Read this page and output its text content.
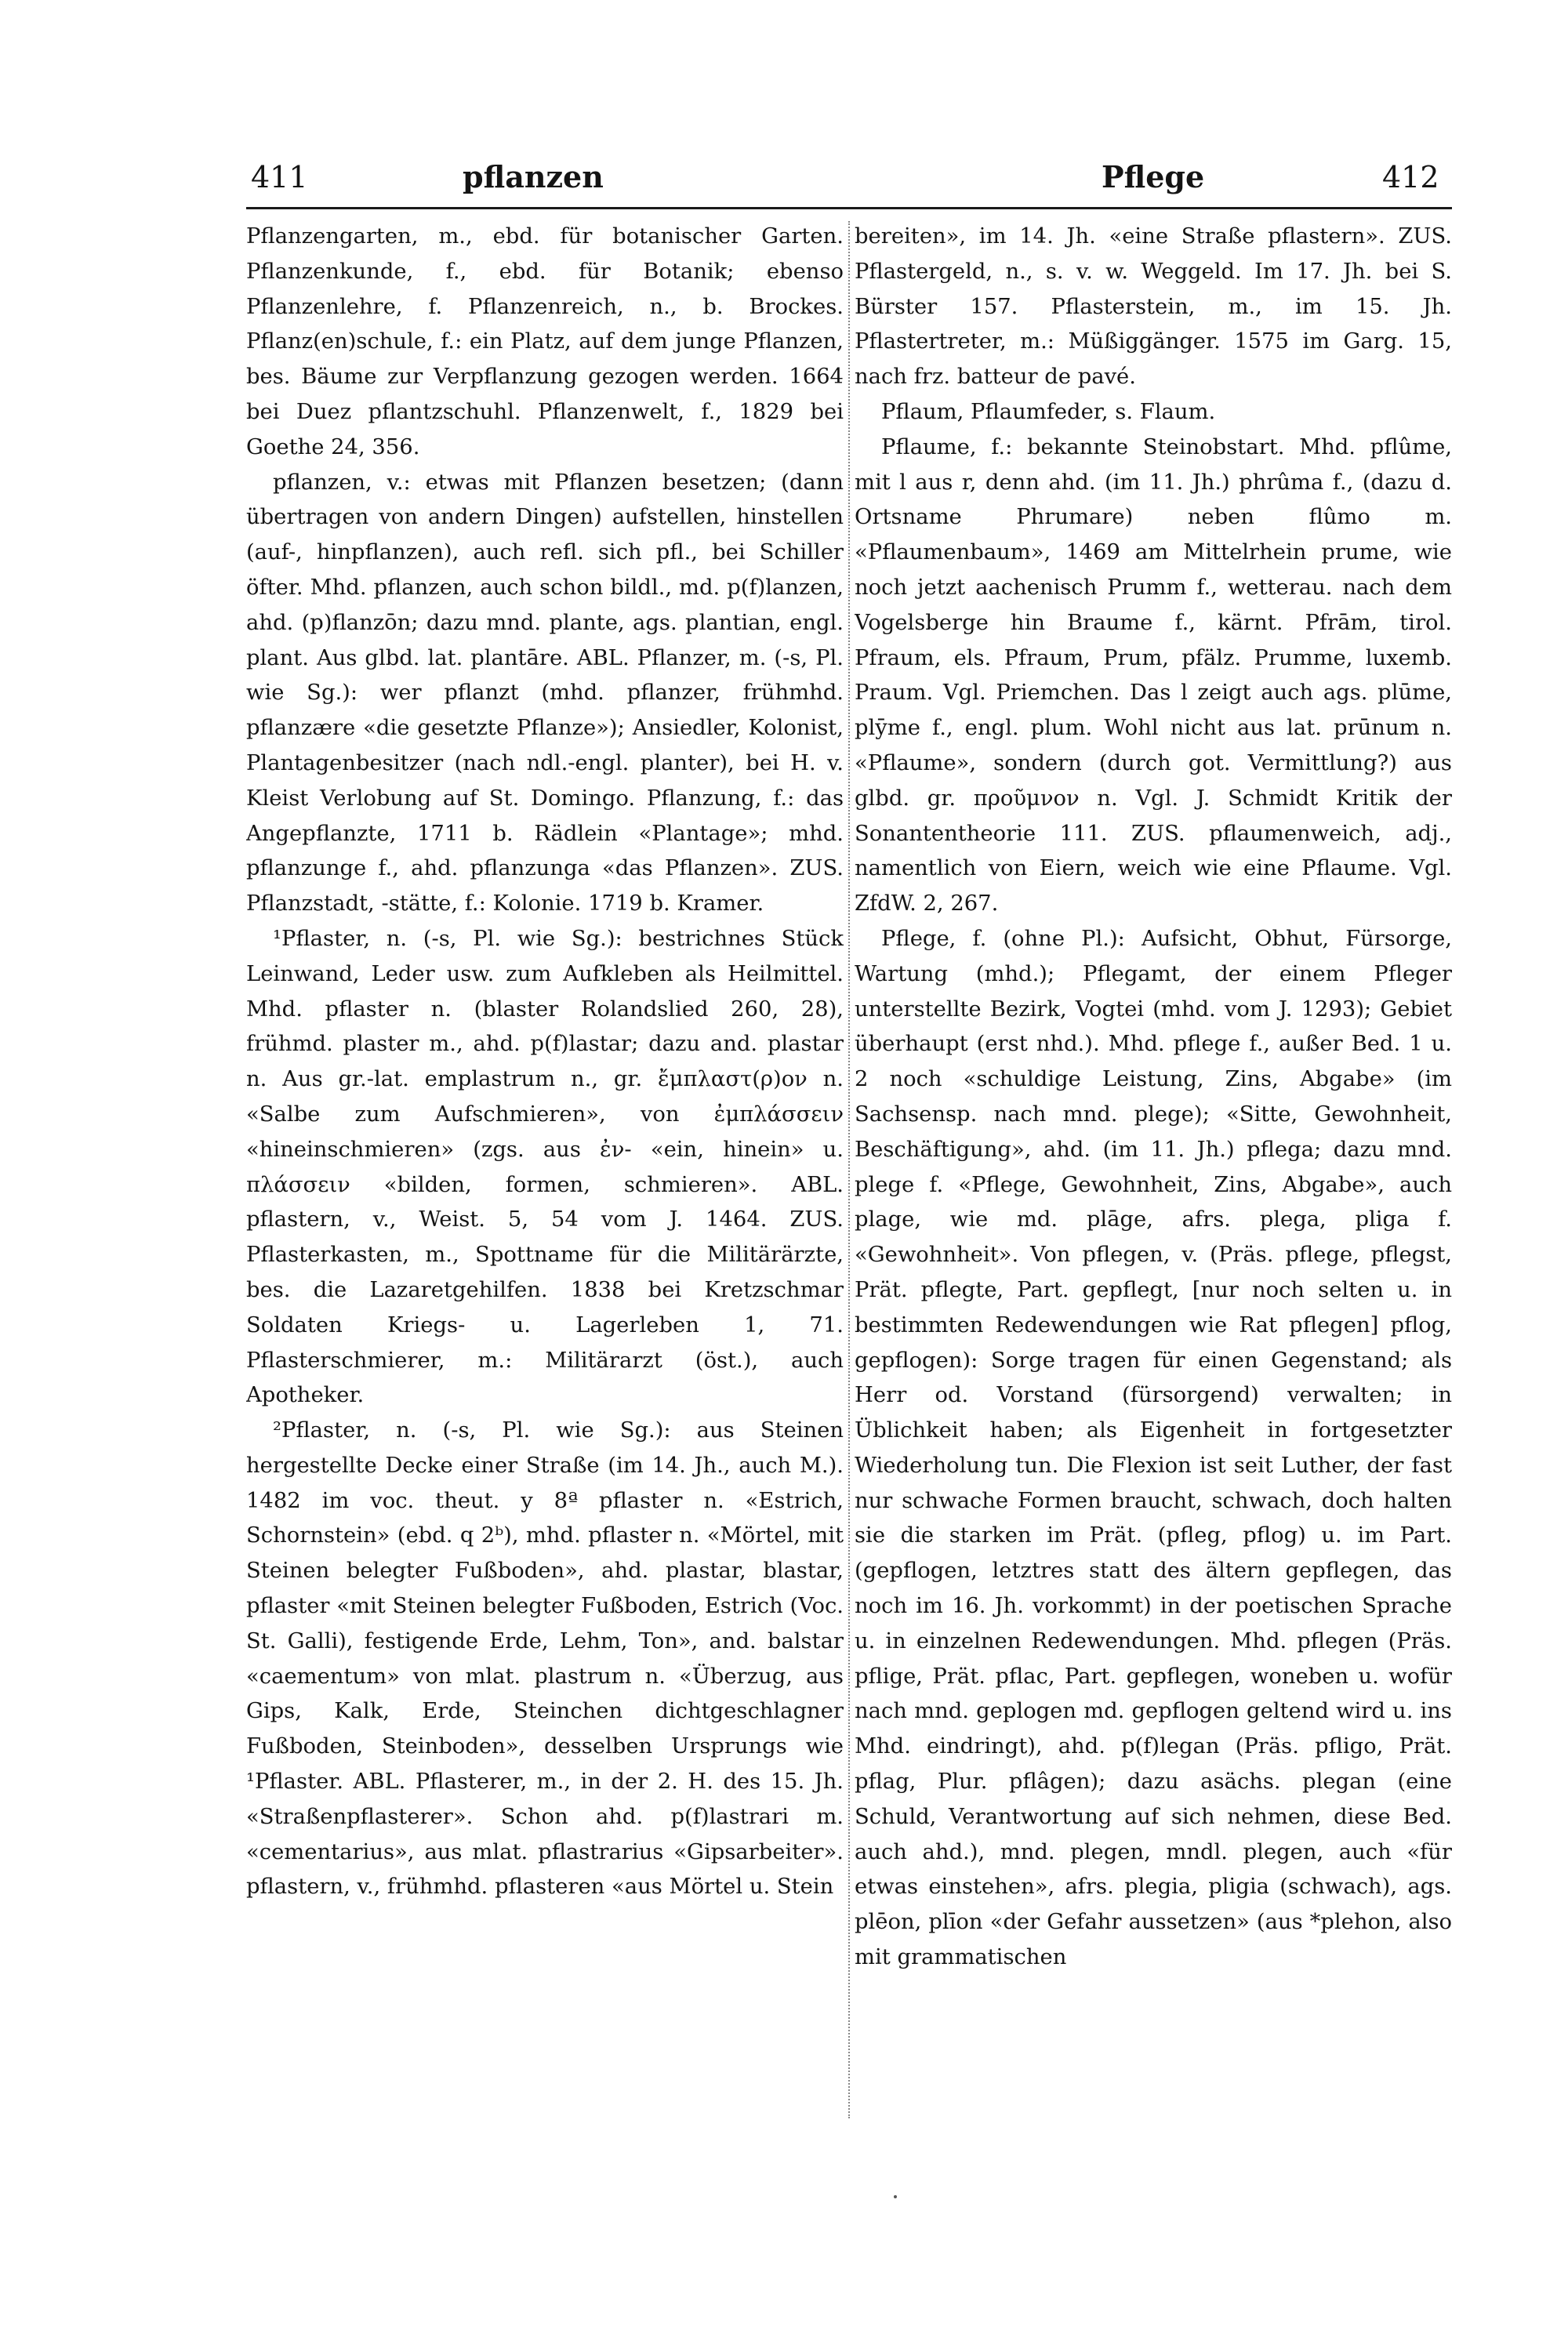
411	pflanzen	Pflege	412

Pflanzengarten, m., ebd. für botanischer Garten. Pflanzenkunde, f., ebd. für Botanik; ebenso Pflanzenlehre, f. Pflanzenreich, n., b. Brockes. Pflanz(en)schule, f.: ein Platz, auf dem junge Pflanzen, bes. Bäume zur Verpflanzung gezogen werden. 1664 bei Duez pflantzschuhl. Pflanzenwelt, f., 1829 bei Goethe 24, 356.

pflanzen, v.: etwas mit Pflanzen besetzen; (dann übertragen von andern Dingen) aufstellen, hinstellen (auf-, hinpflanzen), auch refl. sich pfl., bei Schiller öfter. Mhd. pflanzen, auch schon bildl., md. p(f)lanzen, ahd. (p)flanzōn; dazu mnd. plante, ags. plantian, engl. plant. Aus glbd. lat. plantāre. ABL. Pflanzer, m. (-s, Pl. wie Sg.): wer pflanzt (mhd. pflanzer, frühmhd. pflanzære «die gesetzte Pflanze»); Ansiedler, Kolonist, Plantagenbesitzer (nach ndl.-engl. planter), bei H. v. Kleist Verlobung auf St. Domingo. Pflanzung, f.: das Angepflanzte, 1711 b. Rädlein «Plantage»; mhd. pflanzunge f., ahd. pflanzunga «das Pflanzen». ZUS. Pflanzstadt, -stätte, f.: Kolonie. 1719 b. Kramer.

¹Pflaster, n. (-s, Pl. wie Sg.): bestrichnes Stück Leinwand, Leder usw. zum Aufkleben als Heilmittel. Mhd. pflaster n. (blaster Rolandslied 260, 28), frühmd. plaster m., ahd. p(f)lastar; dazu and. plastar n. Aus gr.-lat. emplastrum n., gr. ἔμπλαστ(ρ)ον n. «Salbe zum Aufschmieren», von ἐμπλάσσειν «hineinschmieren» (zgs. aus ἐν- «ein, hinein» u. πλάσσειν «bilden, formen, schmieren». ABL. pflastern, v., Weist. 5, 54 vom J. 1464. ZUS. Pflasterkasten, m., Spottname für die Militärärzte, bes. die Lazaretgehilfen. 1838 bei Kretzschmar Soldaten Kriegs- u. Lagerleben 1, 71. Pflasterschmierer, m.: Militärarzt (öst.), auch Apotheker.

²Pflaster, n. (-s, Pl. wie Sg.): aus Steinen hergestellte Decke einer Straße (im 14. Jh., auch M.). 1482 im voc. theut. y 8ª pflaster n. «Estrich, Schornstein» (ebd. q 2ᵇ), mhd. pflaster n. «Mörtel, mit Steinen belegter Fußboden», ahd. plastar, blastar, pflaster «mit Steinen belegter Fußboden, Estrich (Voc. St. Galli), festigende Erde, Lehm, Ton», and. balstar «caementum» von mlat. plastrum n. «Überzug, aus Gips, Kalk, Erde, Steinchen dichtgeschlagner Fußboden, Steinboden», desselben Ursprungs wie ¹Pflaster. ABL. Pflasterer, m., in der 2. H. des 15. Jh. «Straßenpflasterer». Schon ahd. p(f)lastrari m. «cementarius», aus mlat. pflastrarius «Gipsarbeiter». pflastern, v., frühmhd. pflasteren «aus Mörtel u. Stein

bereiten», im 14. Jh. «eine Straße pflastern». ZUS. Pflastergeld, n., s. v. w. Weggeld. Im 17. Jh. bei S. Bürster 157. Pflasterstein, m., im 15. Jh. Pflastertreter, m.: Müßiggänger. 1575 im Garg. 15, nach frz. batteur de pavé.

Pflaum, Pflaumfeder, s. Flaum.

Pflaume, f.: bekannte Steinobstart. Mhd. pflûme, mit l aus r, denn ahd. (im 11. Jh.) phrûma f., (dazu d. Ortsname Phrumare) neben flûmo m. «Pflaumenbaum», 1469 am Mittelrhein prume, wie noch jetzt aachenisch Prumm f., wetterau. nach dem Vogelsberge hin Braume f., kärnt. Pfrām, tirol. Pfraum, els. Pfraum, Prum, pfälz. Prumme, luxemb. Praum. Vgl. Priemchen. Das l zeigt auch ags. plūme, plȳme f., engl. plum. Wohl nicht aus lat. prūnum n. «Pflaume», sondern (durch got. Vermittlung?) aus glbd. gr. προῦμνον n. Vgl. J. Schmidt Kritik der Sonantentheorie 111. ZUS. pflaumenweich, adj., namentlich von Eiern, weich wie eine Pflaume. Vgl. ZfdW. 2, 267.

Pflege, f. (ohne Pl.): Aufsicht, Obhut, Fürsorge, Wartung (mhd.); Pflegamt, der einem Pfleger unterstellte Bezirk, Vogtei (mhd. vom J. 1293); Gebiet überhaupt (erst nhd.). Mhd. pflege f., außer Bed. 1 u. 2 noch «schuldige Leistung, Zins, Abgabe» (im Sachsensp. nach mnd. plege); «Sitte, Gewohnheit, Beschäftigung», ahd. (im 11. Jh.) pflega; dazu mnd. plege f. «Pflege, Gewohnheit, Zins, Abgabe», auch plage, wie md. plāge, afrs. plega, pliga f. «Gewohnheit». Von pflegen, v. (Präs. pflege, pflegst, Prät. pflegte, Part. gepflegt, [nur noch selten u. in bestimmten Redewendungen wie Rat pflegen] pflog, gepflogen): Sorge tragen für einen Gegenstand; als Herr od. Vorstand (fürsorgend) verwalten; in Üblichkeit haben; als Eigenheit in fortgesetzter Wiederholung tun. Die Flexion ist seit Luther, der fast nur schwache Formen braucht, schwach, doch halten sie die starken im Prät. (pfleg, pflog) u. im Part. (gepflogen, letztres statt des ältern gepflegen, das noch im 16. Jh. vorkommt) in der poetischen Sprache u. in einzelnen Redewendungen. Mhd. pflegen (Präs. pflige, Prät. pflac, Part. gepflegen, woneben u. wofür nach mnd. geplogen md. gepflogen geltend wird u. ins Mhd. eindringt), ahd. p(f)legan (Präs. pfligo, Prät. pflag, Plur. pflâgen); dazu asächs. plegan (eine Schuld, Verantwortung auf sich nehmen, diese Bed. auch ahd.), mnd. plegen, mndl. plegen, auch «für etwas einstehen», afrs. plegia, pligia (schwach), ags. plēon, plīon «der Gefahr aussetzen» (aus *plehon, also mit grammatischen
